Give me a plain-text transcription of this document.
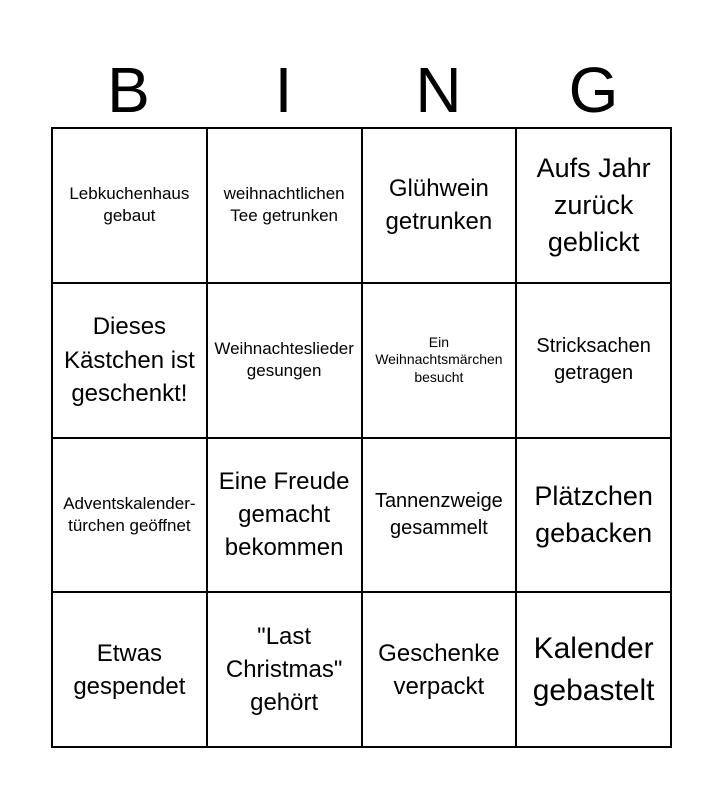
B	I	N	G
Lebkuchenhaus gebaut
weihnachtlichen Tee getrunken
Glühwein getrunken
Aufs Jahr zurück geblickt
Dieses Kästchen ist geschenkt!
Weihnachteslieder gesungen
Ein Weihnachtsmärchen besucht
Stricksachen getragen
Adventskalender-türchen geöffnet
Eine Freude gemacht bekommen
Tannenzweige gesammelt
Plätzchen gebacken
Etwas gespendet
"Last Christmas" gehört
Geschenke verpackt
Kalender gebastelt
